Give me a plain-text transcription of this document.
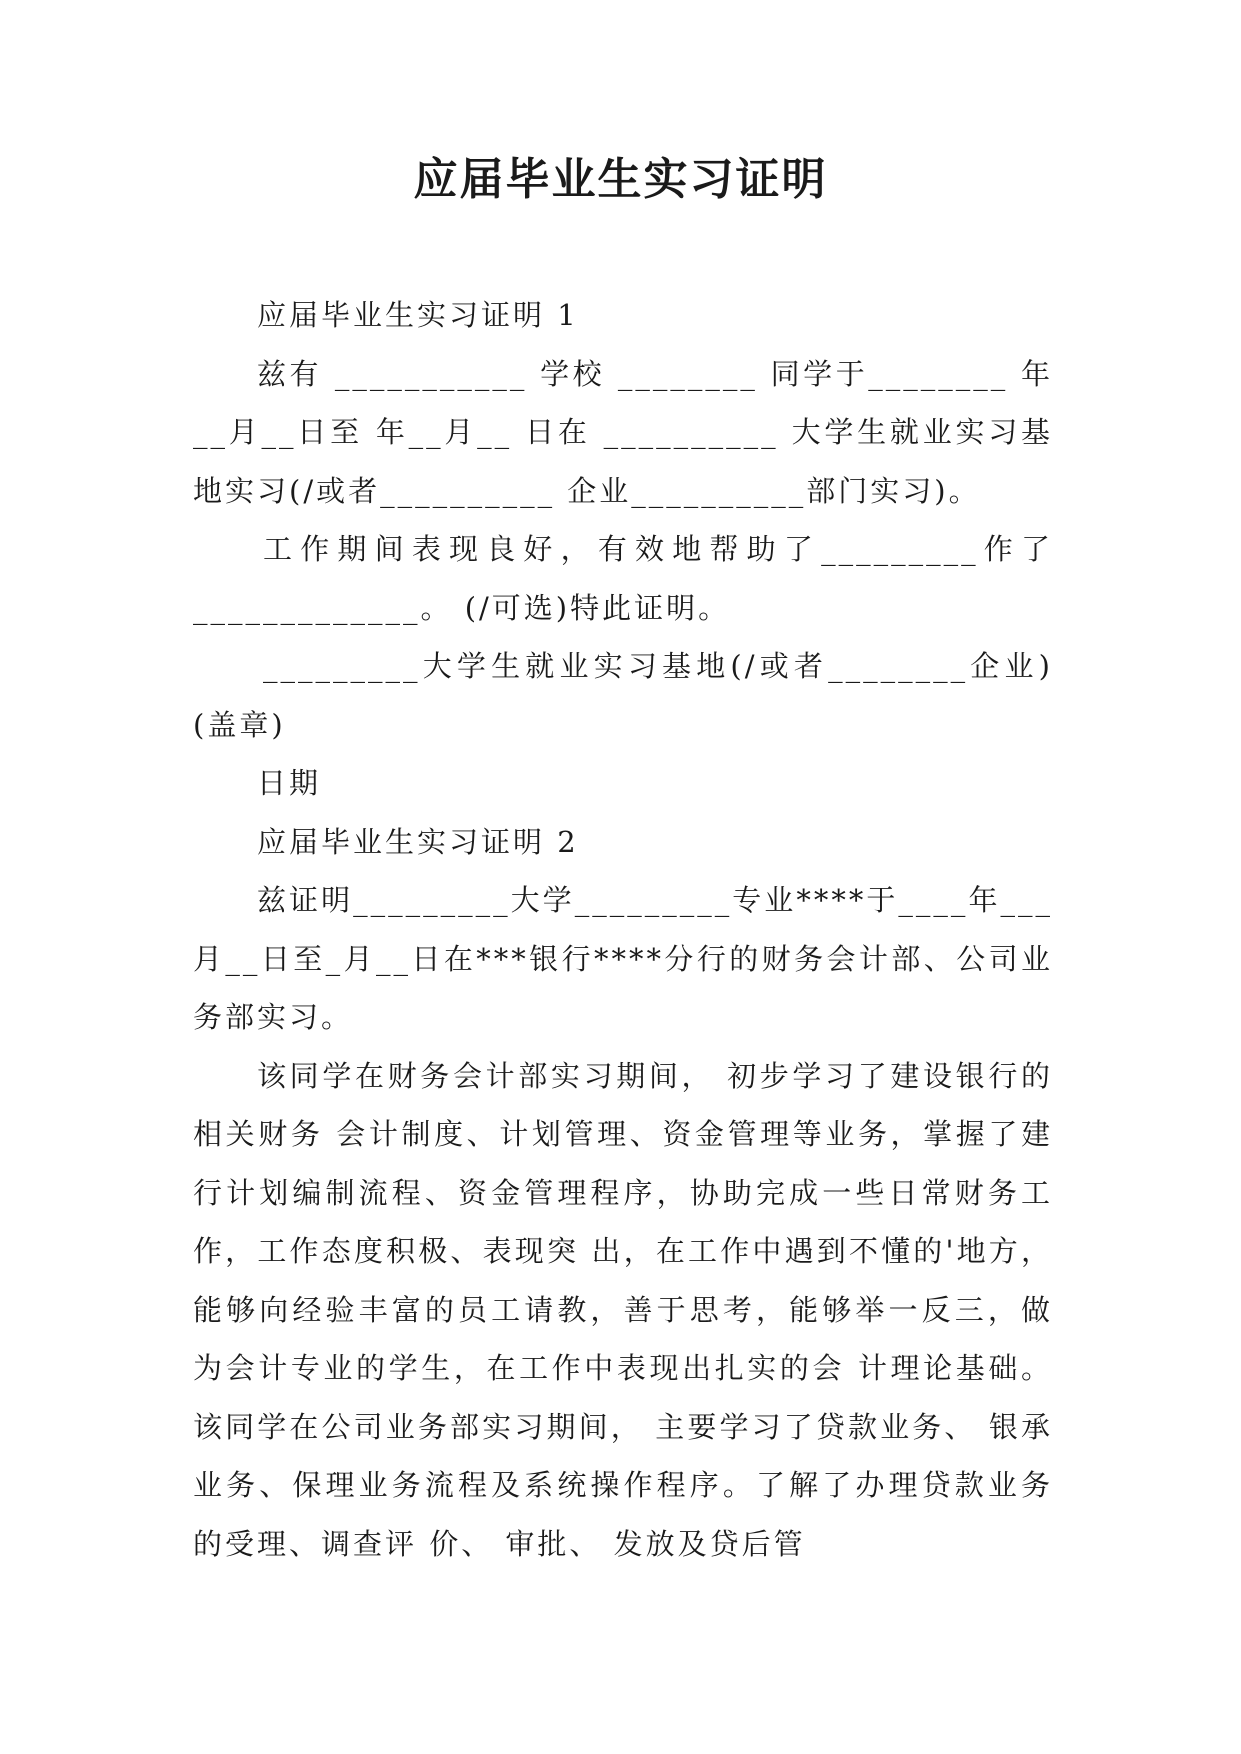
应届毕业生实习证明

应届毕业生实习证明 1

兹有 ___________ 学校 ________ 同学于________ 年__月__日至 年__月__ 日在 __________ 大学生就业实习基地实习(/或者__________ 企业__________部门实习)。

工作期间表现良好，有效地帮助了_________作了_____________。 (/可选)特此证明。

_________大学生就业实习基地(/或者________企业)(盖章)

日期

应届毕业生实习证明 2

兹证明_________大学_________专业****于____年___月__日至_月__日在***银行****分行的财务会计部、公司业务部实习。

该同学在财务会计部实习期间， 初步学习了建设银行的相关财务 会计制度、计划管理、资金管理等业务，掌握了建行计划编制流程、资金管理程序，协助完成一些日常财务工作，工作态度积极、表现突 出，在工作中遇到不懂的'地方，能够向经验丰富的员工请教，善于思考，能够举一反三，做为会计专业的学生，在工作中表现出扎实的会 计理论基础。 该同学在公司业务部实习期间， 主要学习了贷款业务、 银承业务、保理业务流程及系统操作程序。了解了办理贷款业务的受理、调查评 价、 审批、 发放及贷后管
